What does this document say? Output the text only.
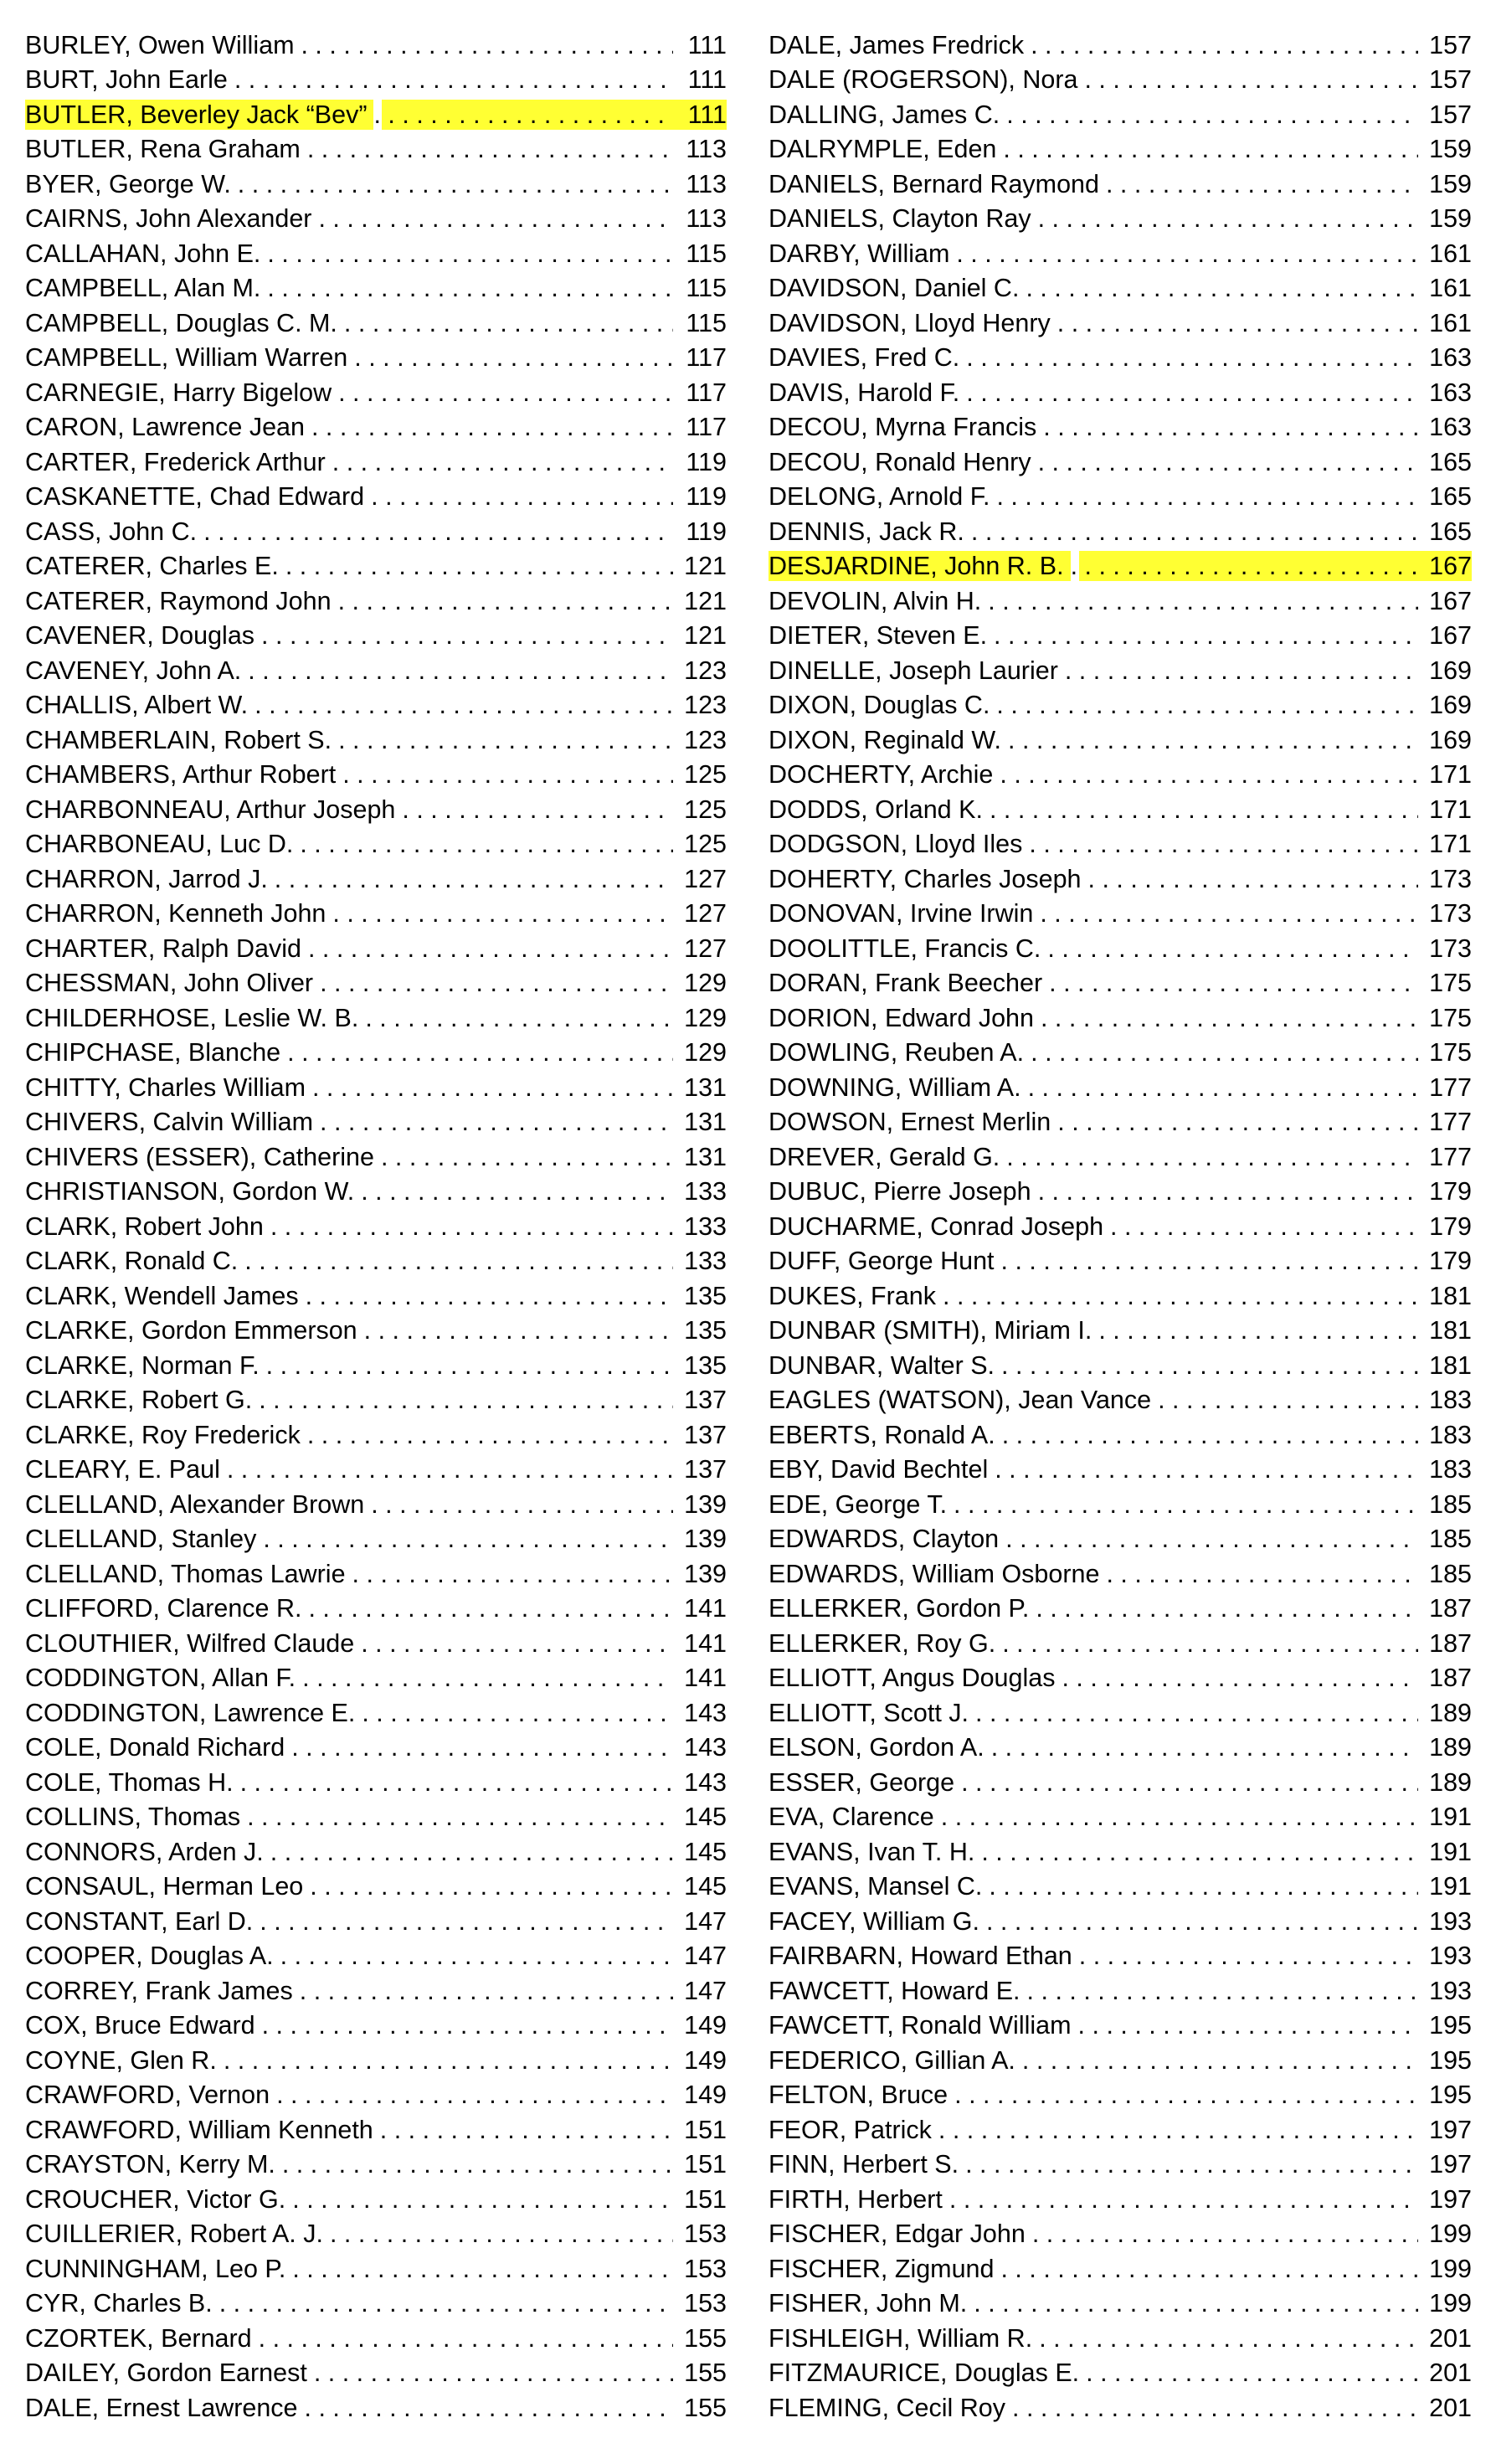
BURLEY, Owen William . . .	111
BURT, John Earle . . .	111
BUTLER, Beverley Jack “Bev” . . .	111
BUTLER, Rena Graham . . .	113
BYER, George W. . . .	113
CAIRNS, John Alexander . . .	113
CALLAHAN, John E. . . .	115
CAMPBELL, Alan M. . . .	115
CAMPBELL, Douglas C. M. . . .	115
CAMPBELL, William Warren . . .	117
CARNEGIE, Harry Bigelow . . .	117
CARON, Lawrence Jean . . .	117
CARTER, Frederick Arthur . . .	119
CASKANETTE, Chad Edward . . .	119
CASS, John C. . . .	119
CATERER, Charles E. . . .	121
CATERER, Raymond John . . .	121
CAVENER, Douglas . . .	121
CAVENEY, John A. . . .	123
CHALLIS, Albert W. . . .	123
CHAMBERLAIN, Robert S. . . .	123
CHAMBERS, Arthur Robert . . .	125
CHARBONNEAU, Arthur Joseph . . .	125
CHARBONEAU, Luc D. . . .	125
CHARRON, Jarrod J. . . .	127
CHARRON, Kenneth John . . .	127
CHARTER, Ralph David . . .	127
CHESSMAN, John Oliver . . .	129
CHILDERHOSE, Leslie W. B. . . .	129
CHIPCHASE, Blanche . . .	129
CHITTY, Charles William . . .	131
CHIVERS, Calvin William . . .	131
CHIVERS (ESSER), Catherine . . .	131
CHRISTIANSON, Gordon W. . . .	133
CLARK, Robert John . . .	133
CLARK, Ronald C. . . .	133
CLARK, Wendell James . . .	135
CLARKE, Gordon Emmerson . . .	135
CLARKE, Norman F. . . .	135
CLARKE, Robert G. . . .	137
CLARKE, Roy Frederick . . .	137
CLEARY, E. Paul . . .	137
CLELLAND, Alexander Brown . . .	139
CLELLAND, Stanley . . .	139
CLELLAND, Thomas Lawrie . . .	139
CLIFFORD, Clarence R. . . .	141
CLOUTHIER, Wilfred Claude . . .	141
CODDINGTON, Allan F. . . .	141
CODDINGTON, Lawrence E. . . .	143
COLE, Donald Richard . . .	143
COLE, Thomas H. . . .	143
COLLINS, Thomas . . .	145
CONNORS, Arden J. . . .	145
CONSAUL, Herman Leo . . .	145
CONSTANT, Earl D. . . .	147
COOPER, Douglas A. . . .	147
CORREY, Frank James . . .	147
COX, Bruce Edward . . .	149
COYNE, Glen R. . . .	149
CRAWFORD, Vernon . . .	149
CRAWFORD, William Kenneth . . .	151
CRAYSTON, Kerry M. . . .	151
CROUCHER, Victor G. . . .	151
CUILLERIER, Robert A. J. . . .	153
CUNNINGHAM, Leo P. . . .	153
CYR, Charles B. . . .	153
CZORTEK, Bernard . . .	155
DAILEY, Gordon Earnest . . .	155
DALE, Ernest Lawrence . . .	155
DALE, James Fredrick . . .	157
DALE (ROGERSON), Nora . . .	157
DALLING, James C. . . .	157
DALRYMPLE, Eden . . .	159
DANIELS, Bernard Raymond . . .	159
DANIELS, Clayton Ray . . .	159
DARBY, William . . .	161
DAVIDSON, Daniel C. . . .	161
DAVIDSON, Lloyd Henry . . .	161
DAVIES, Fred C. . . .	163
DAVIS, Harold F. . . .	163
DECOU, Myrna Francis . . .	163
DECOU, Ronald Henry . . .	165
DELONG, Arnold F. . . .	165
DENNIS, Jack R. . . .	165
DESJARDINE, John R. B. . . .	167
DEVOLIN, Alvin H. . . .	167
DIETER, Steven E. . . .	167
DINELLE, Joseph Laurier . . .	169
DIXON, Douglas C. . . .	169
DIXON, Reginald W. . . .	169
DOCHERTY, Archie . . .	171
DODDS, Orland K. . . .	171
DODGSON, Lloyd Iles . . .	171
DOHERTY, Charles Joseph . . .	173
DONOVAN, Irvine Irwin . . .	173
DOOLITTLE, Francis C. . . .	173
DORAN, Frank Beecher . . .	175
DORION, Edward John . . .	175
DOWLING, Reuben A. . . .	175
DOWNING, William A. . . .	177
DOWSON, Ernest Merlin . . .	177
DREVER, Gerald G. . . .	177
DUBUC, Pierre Joseph . . .	179
DUCHARME, Conrad Joseph . . .	179
DUFF, George Hunt . . .	179
DUKES, Frank . . .	181
DUNBAR (SMITH), Miriam I. . . .	181
DUNBAR, Walter S. . . .	181
EAGLES (WATSON), Jean Vance . . .	183
EBERTS, Ronald A. . . .	183
EBY, David Bechtel . . .	183
EDE, George T. . . .	185
EDWARDS, Clayton . . .	185
EDWARDS, William Osborne . . .	185
ELLERKER, Gordon P. . . .	187
ELLERKER, Roy G. . . .	187
ELLIOTT, Angus Douglas . . .	187
ELLIOTT, Scott J. . . .	189
ELSON, Gordon A. . . .	189
ESSER, George . . .	189
EVA, Clarence . . .	191
EVANS, Ivan T. H. . . .	191
EVANS, Mansel C. . . .	191
FACEY, William G. . . .	193
FAIRBARN, Howard Ethan . . .	193
FAWCETT, Howard E. . . .	193
FAWCETT, Ronald William . . .	195
FEDERICO, Gillian A. . . .	195
FELTON, Bruce . . .	195
FEOR, Patrick . . .	197
FINN, Herbert S. . . .	197
FIRTH, Herbert . . .	197
FISCHER, Edgar John . . .	199
FISCHER, Zigmund . . .	199
FISHER, John M. . . .	199
FISHLEIGH, William R. . . .	201
FITZMAURICE, Douglas E. . . .	201
FLEMING, Cecil Roy . . .	201
